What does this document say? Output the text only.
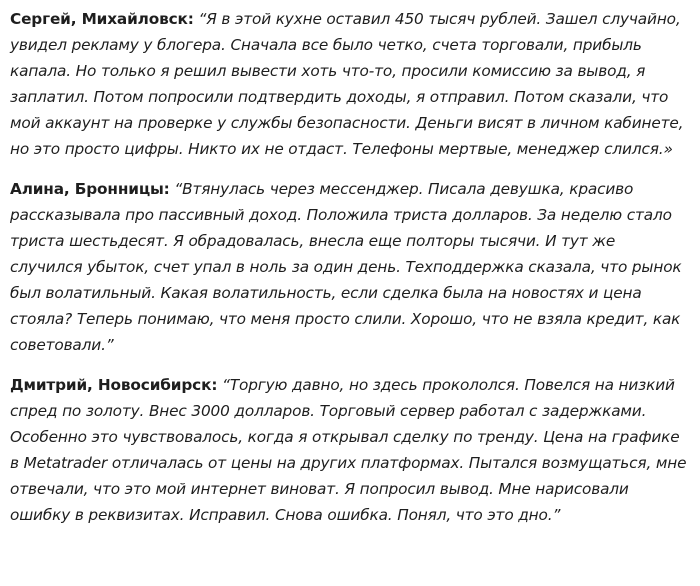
Сергей, Михайловск: “Я в этой кухне оставил 450 тысяч рублей. Зашел случайно, увидел рекламу у блогера. Сначала все было четко, счета торговали, прибыль капала. Но только я решил вывести хоть что-то, просили комиссию за вывод, я заплатил. Потом попросили подтвердить доходы, я отправил. Потом сказали, что мой аккаунт на проверке у службы безопасности. Деньги висят в личном кабинете, но это просто цифры. Никто их не отдаст. Телефоны мертвые, менеджер слился.»

Алина, Бронницы: “Втянулась через мессенджер. Писала девушка, красиво рассказывала про пассивный доход. Положила триста долларов. За неделю стало триста шестьдесят. Я обрадовалась, внесла еще полторы тысячи. И тут же случился убыток, счет упал в ноль за один день. Техподдержка сказала, что рынок был волатильный. Какая волатильность, если сделка была на новостях и цена стояла? Теперь понимаю, что меня просто слили. Хорошо, что не взяла кредит, как советовали.”

Дмитрий, Новосибирск: “Торгую давно, но здесь прокололся. Повелся на низкий спред по золоту. Внес 3000 долларов. Торговый сервер работал с задержками. Особенно это чувствовалось, когда я открывал сделку по тренду. Цена на графике в Metatrader отличалась от цены на других платформах. Пытался возмущаться, мне отвечали, что это мой интернет виноват. Я попросил вывод. Мне нарисовали ошибку в реквизитах. Исправил. Снова ошибка. Понял, что это дно.”
